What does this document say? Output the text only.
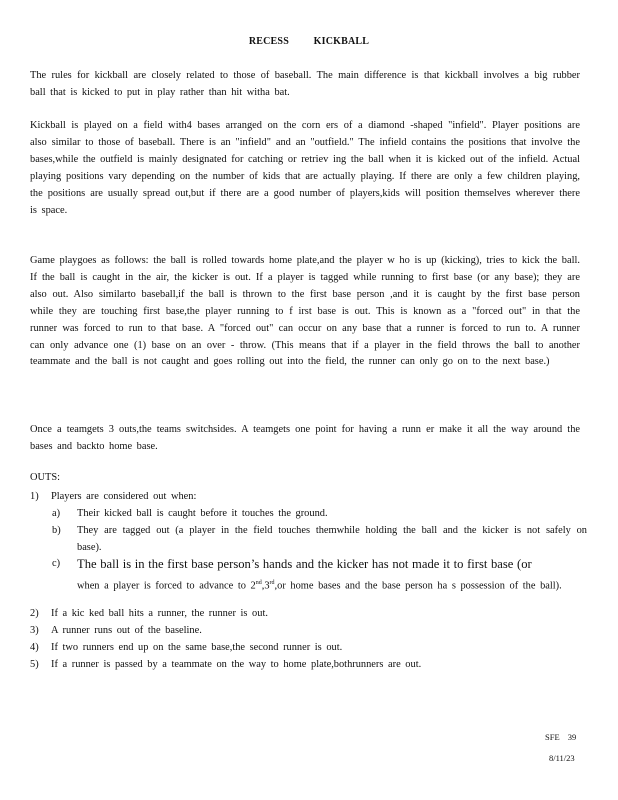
RECESS KICKBALL
The rules for kickball are closely related to those of baseball. The main difference is that kickball involves a big rubber ball that is kicked to put in play rather than hit witha bat.
Kickball is played on a field with4 bases arranged on the corn ers of a diamond -shaped "infield". Player positions are also similar to those of baseball. There is an "infield" and an "outfield." The infield contains the positions that involve the bases,while the outfield is mainly designated for catching or retriev ing the ball when it is kicked out of the infield. Actual playing positions vary depending on the number of kids that are actually playing. If there are only a few children playing, the positions are usually spread out,but if there are a good number of players,kids will position themselves wherever there is space.
Game playgoes as follows: the ball is rolled towards home plate,and the player w ho is up (kicking), tries to kick the ball. If the ball is caught in the air, the kicker is out. If a player is tagged while running to first base (or any base); they are also out. Also similarto baseball,if the ball is thrown to the first base person ,and it is caught by the first base person while they are touching first base,the player running to f irst base is out. This is known as a "forced out" in that the runner was forced to run to that base. A "forced out" can occur on any base that a runner is forced to run to. A runner can only advance one (1) base on an over - throw. (This means that if a player in the field throws the ball to another teammate and the ball is not caught and goes rolling out into the field, the runner can only go on to the next base.)
Once a teamgets 3 outs,the teams switchsides. A teamgets one point for having a runn er make it all the way around the bases and backto home base.
OUTS:
1) Players are considered out when:
a) Their kicked ball is caught before it touches the ground.
b) They are tagged out (a player in the field touches themwhile holding the ball and the kicker is not safely on base).
c) The ball is in the first base person’s hands and the kicker has not made it to first base (or
when a player is forced to advance to 2nd,3rd,or home bases and the base person ha s possession of the ball).
2) If a kic ked ball hits a runner, the runner is out.
3) A runner runs out of the baseline.
4) If two runners end up on the same base,the second runner is out.
5) If a runner is passed by a teammate on the way to home plate,bothrunners are out.
SFE 39
8/11/23
